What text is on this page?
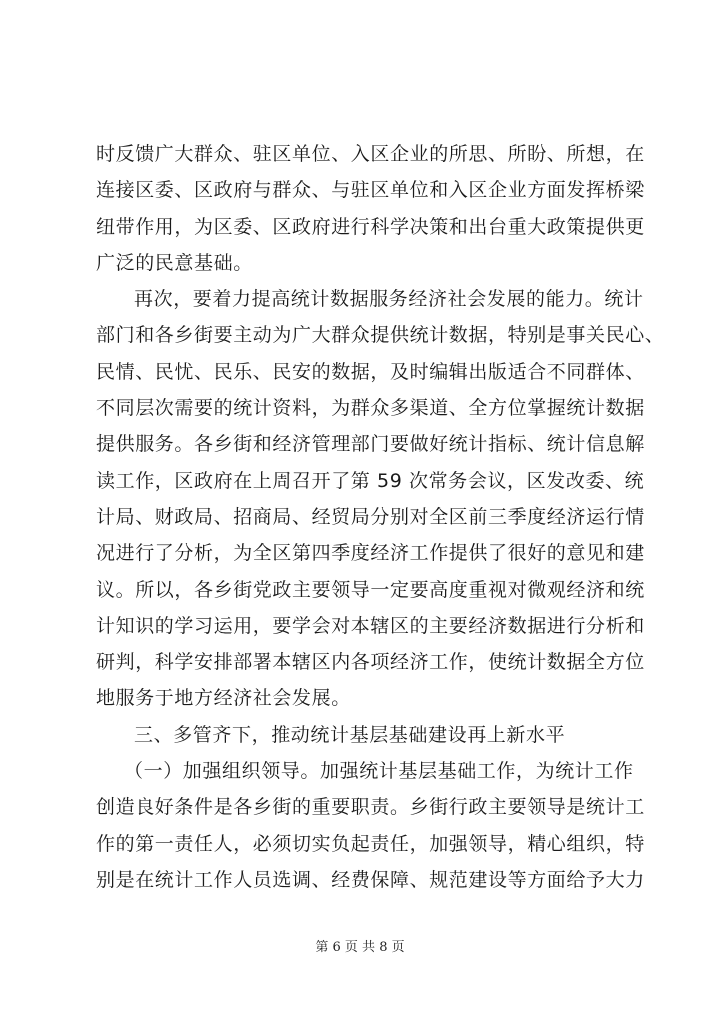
时反馈广大群众、驻区单位、入区企业的所思、所盼、所想，在
连接区委、区政府与群众、与驻区单位和入区企业方面发挥桥梁
纽带作用，为区委、区政府进行科学决策和出台重大政策提供更
广泛的民意基础。
再次，要着力提高统计数据服务经济社会发展的能力。统计
部门和各乡街要主动为广大群众提供统计数据，特别是事关民心、
民情、民忧、民乐、民安的数据，及时编辑出版适合不同群体、
不同层次需要的统计资料，为群众多渠道、全方位掌握统计数据
提供服务。各乡街和经济管理部门要做好统计指标、统计信息解
读工作，区政府在上周召开了第 59 次常务会议，区发改委、统
计局、财政局、招商局、经贸局分别对全区前三季度经济运行情
况进行了分析，为全区第四季度经济工作提供了很好的意见和建
议。所以，各乡街党政主要领导一定要高度重视对微观经济和统
计知识的学习运用，要学会对本辖区的主要经济数据进行分析和
研判，科学安排部署本辖区内各项经济工作，使统计数据全方位
地服务于地方经济社会发展。
三、多管齐下，推动统计基层基础建设再上新水平
（一）加强组织领导。加强统计基层基础工作，为统计工作
创造良好条件是各乡街的重要职责。乡街行政主要领导是统计工
作的第一责任人，必须切实负起责任，加强领导，精心组织，特
别是在统计工作人员选调、经费保障、规范建设等方面给予大力
第 6 页 共 8 页
